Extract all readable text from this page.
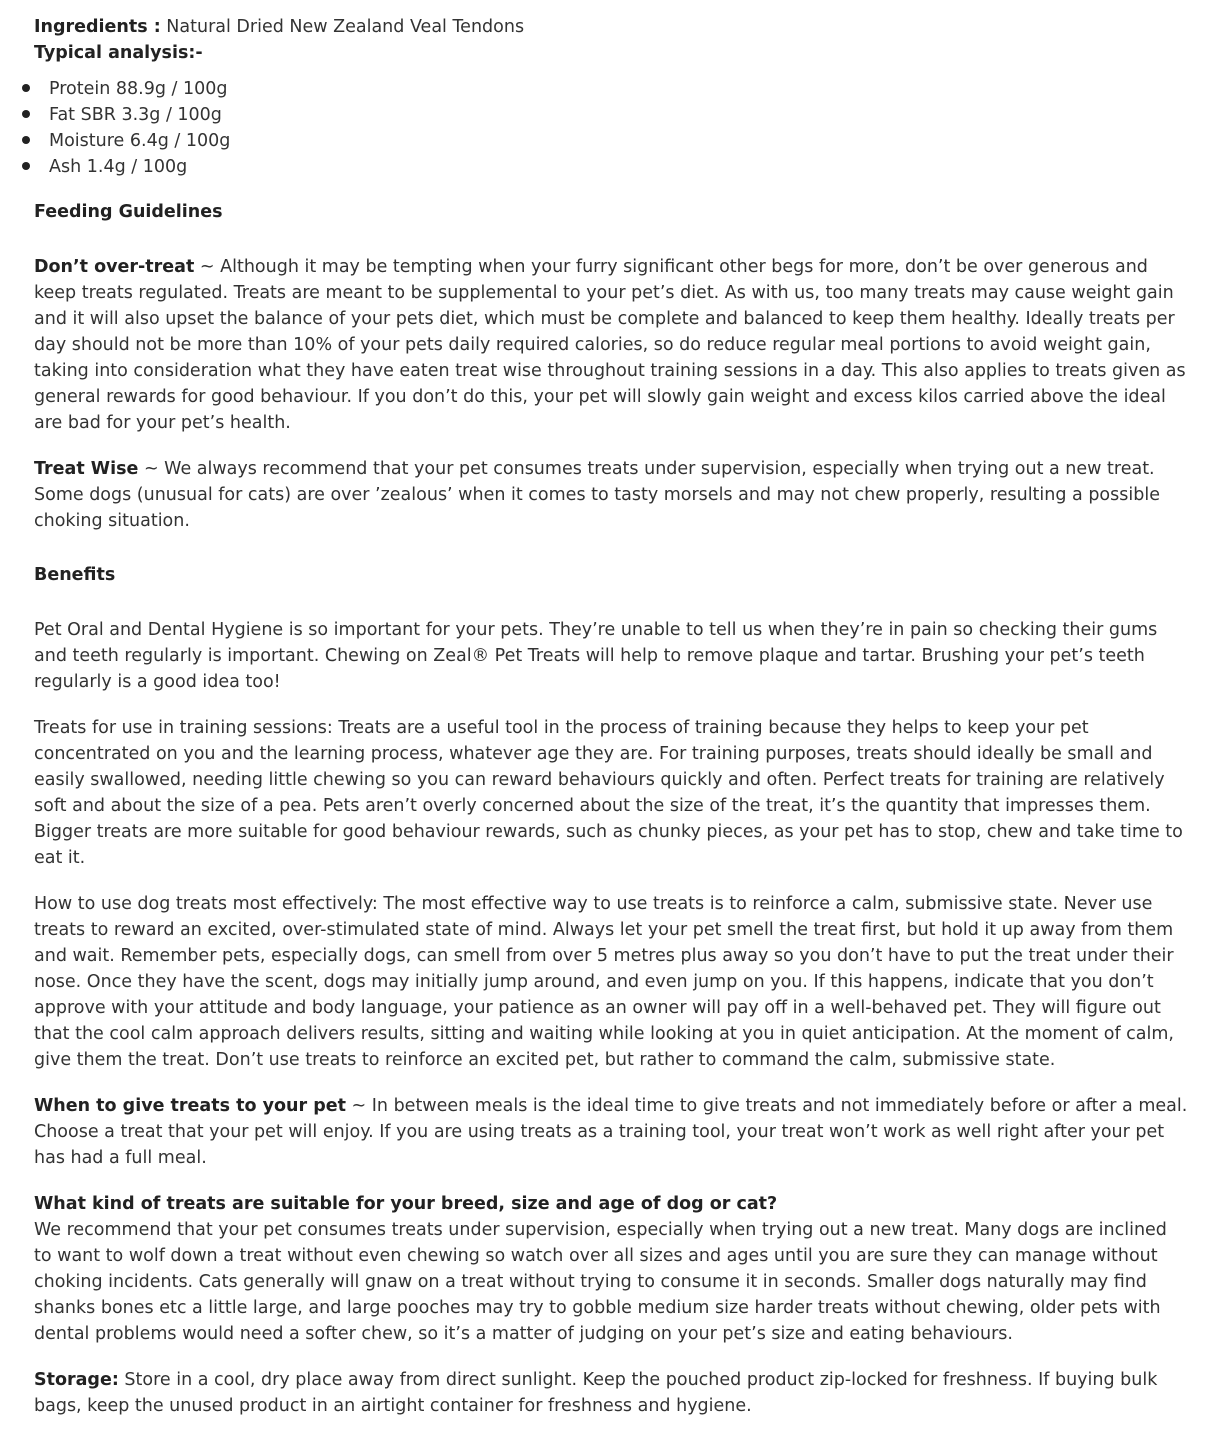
Ingredients : Natural Dried New Zealand Veal Tendons
Typical analysis:-
Protein 88.9g / 100g
Fat SBR 3.3g / 100g
Moisture 6.4g / 100g
Ash 1.4g / 100g
Feeding Guidelines
Don’t over-treat ~ Although it may be tempting when your furry significant other begs for more, don’t be over generous and
keep treats regulated. Treats are meant to be supplemental to your pet’s diet. As with us, too many treats may cause weight gain
and it will also upset the balance of your pets diet, which must be complete and balanced to keep them healthy. Ideally treats per
day should not be more than 10% of your pets daily required calories, so do reduce regular meal portions to avoid weight gain,
taking into consideration what they have eaten treat wise throughout training sessions in a day. This also applies to treats given as
general rewards for good behaviour. If you don’t do this, your pet will slowly gain weight and excess kilos carried above the ideal
are bad for your pet’s health.
Treat Wise ~ We always recommend that your pet consumes treats under supervision, especially when trying out a new treat.
Some dogs (unusual for cats) are over ’zealous’ when it comes to tasty morsels and may not chew properly, resulting a possible
choking situation.
Benefits
Pet Oral and Dental Hygiene is so important for your pets. They’re unable to tell us when they’re in pain so checking their gums
and teeth regularly is important. Chewing on Zeal® Pet Treats will help to remove plaque and tartar. Brushing your pet’s teeth
regularly is a good idea too!
Treats for use in training sessions: Treats are a useful tool in the process of training because they helps to keep your pet
concentrated on you and the learning process, whatever age they are. For training purposes, treats should ideally be small and
easily swallowed, needing little chewing so you can reward behaviours quickly and often. Perfect treats for training are relatively
soft and about the size of a pea. Pets aren’t overly concerned about the size of the treat, it’s the quantity that impresses them.
Bigger treats are more suitable for good behaviour rewards, such as chunky pieces, as your pet has to stop, chew and take time to
eat it.
How to use dog treats most effectively: The most effective way to use treats is to reinforce a calm, submissive state. Never use
treats to reward an excited, over-stimulated state of mind. Always let your pet smell the treat first, but hold it up away from them
and wait. Remember pets, especially dogs, can smell from over 5 metres plus away so you don’t have to put the treat under their
nose. Once they have the scent, dogs may initially jump around, and even jump on you. If this happens, indicate that you don’t
approve with your attitude and body language, your patience as an owner will pay off in a well-behaved pet. They will figure out
that the cool calm approach delivers results, sitting and waiting while looking at you in quiet anticipation. At the moment of calm,
give them the treat. Don’t use treats to reinforce an excited pet, but rather to command the calm, submissive state.
When to give treats to your pet ~ In between meals is the ideal time to give treats and not immediately before or after a meal.
Choose a treat that your pet will enjoy. If you are using treats as a training tool, your treat won’t work as well right after your pet
has had a full meal.
What kind of treats are suitable for your breed, size and age of dog or cat?
We recommend that your pet consumes treats under supervision, especially when trying out a new treat. Many dogs are inclined
to want to wolf down a treat without even chewing so watch over all sizes and ages until you are sure they can manage without
choking incidents. Cats generally will gnaw on a treat without trying to consume it in seconds. Smaller dogs naturally may find
shanks bones etc a little large, and large pooches may try to gobble medium size harder treats without chewing, older pets with
dental problems would need a softer chew, so it’s a matter of judging on your pet’s size and eating behaviours.
Storage: Store in a cool, dry place away from direct sunlight. Keep the pouched product zip-locked for freshness. If buying bulk
bags, keep the unused product in an airtight container for freshness and hygiene.
